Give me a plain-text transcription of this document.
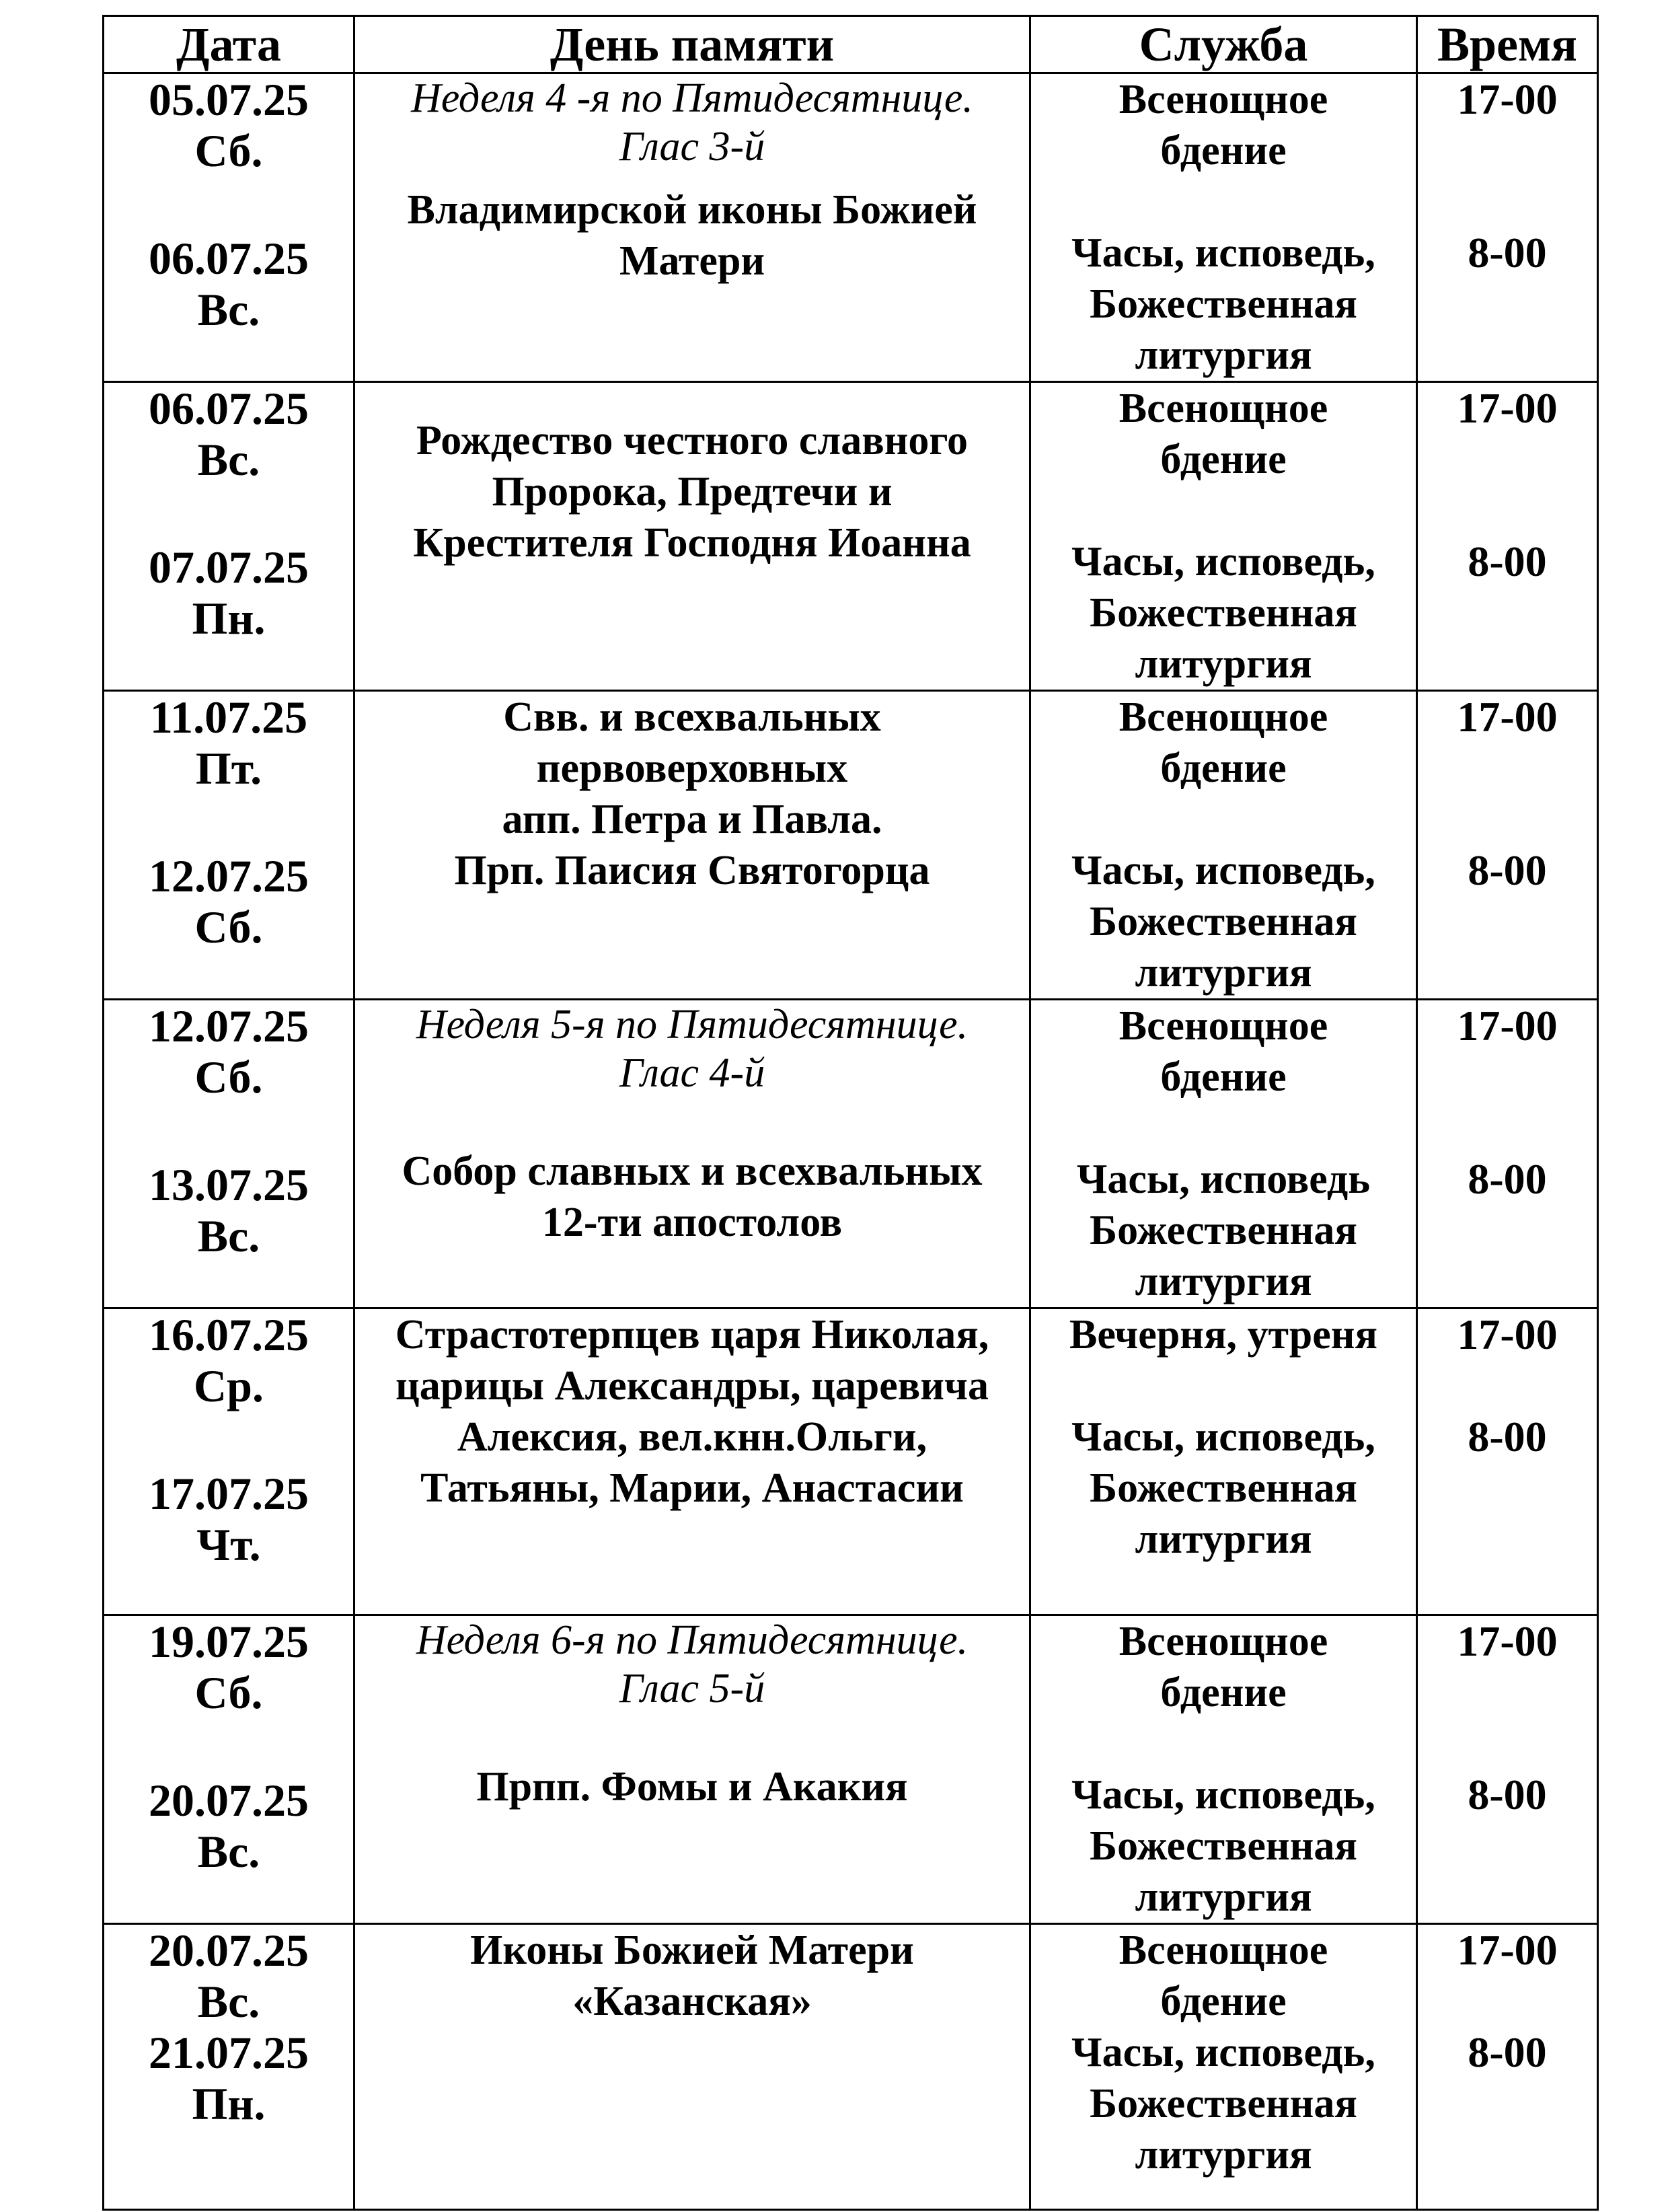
Дата	День памяти	Служба	Время

05.07.25
Сб.
06.07.25
Вс.	Неделя 4 -я по Пятидесятнице.
Глас 3-й
Владимирской иконы Божией
Матери	Всенощное
бдение
Часы, исповедь,
Божественная
литургия	17-00
8-00

06.07.25
Вс.
07.07.25
Пн.	Рождество честного славного
Пророка, Предтечи и
Крестителя Господня Иоанна	Всенощное
бдение
Часы, исповедь,
Божественная
литургия	17-00
8-00

11.07.25
Пт.
12.07.25
Сб.	Свв. и всехвальных
первоверховных
апп. Петра и Павла.
Прп. Паисия Святогорца	Всенощное
бдение
Часы, исповедь,
Божественная
литургия	17-00
8-00

12.07.25
Сб.
13.07.25
Вс.	Неделя 5-я по Пятидесятнице.
Глас 4-й
Собор славных и всехвальных
12-ти апостолов	Всенощное
бдение
Часы, исповедь
Божественная
литургия	17-00
8-00

16.07.25
Ср.
17.07.25
Чт.	Страстотерпцев царя Николая,
царицы Александры, царевича
Алексия, вел.кнн.Ольги,
Татьяны, Марии, Анастасии	Вечерня, утреня
Часы, исповедь,
Божественная
литургия	17-00
8-00

19.07.25
Сб.
20.07.25
Вс.	Неделя 6-я по Пятидесятнице.
Глас 5-й
Прпп. Фомы и Акакия	Всенощное
бдение
Часы, исповедь,
Божественная
литургия	17-00
8-00

20.07.25
Вс.
21.07.25
Пн.	Иконы Божией Матери
«Казанская»	Всенощное
бдение
Часы, исповедь,
Божественная
литургия	17-00
8-00
